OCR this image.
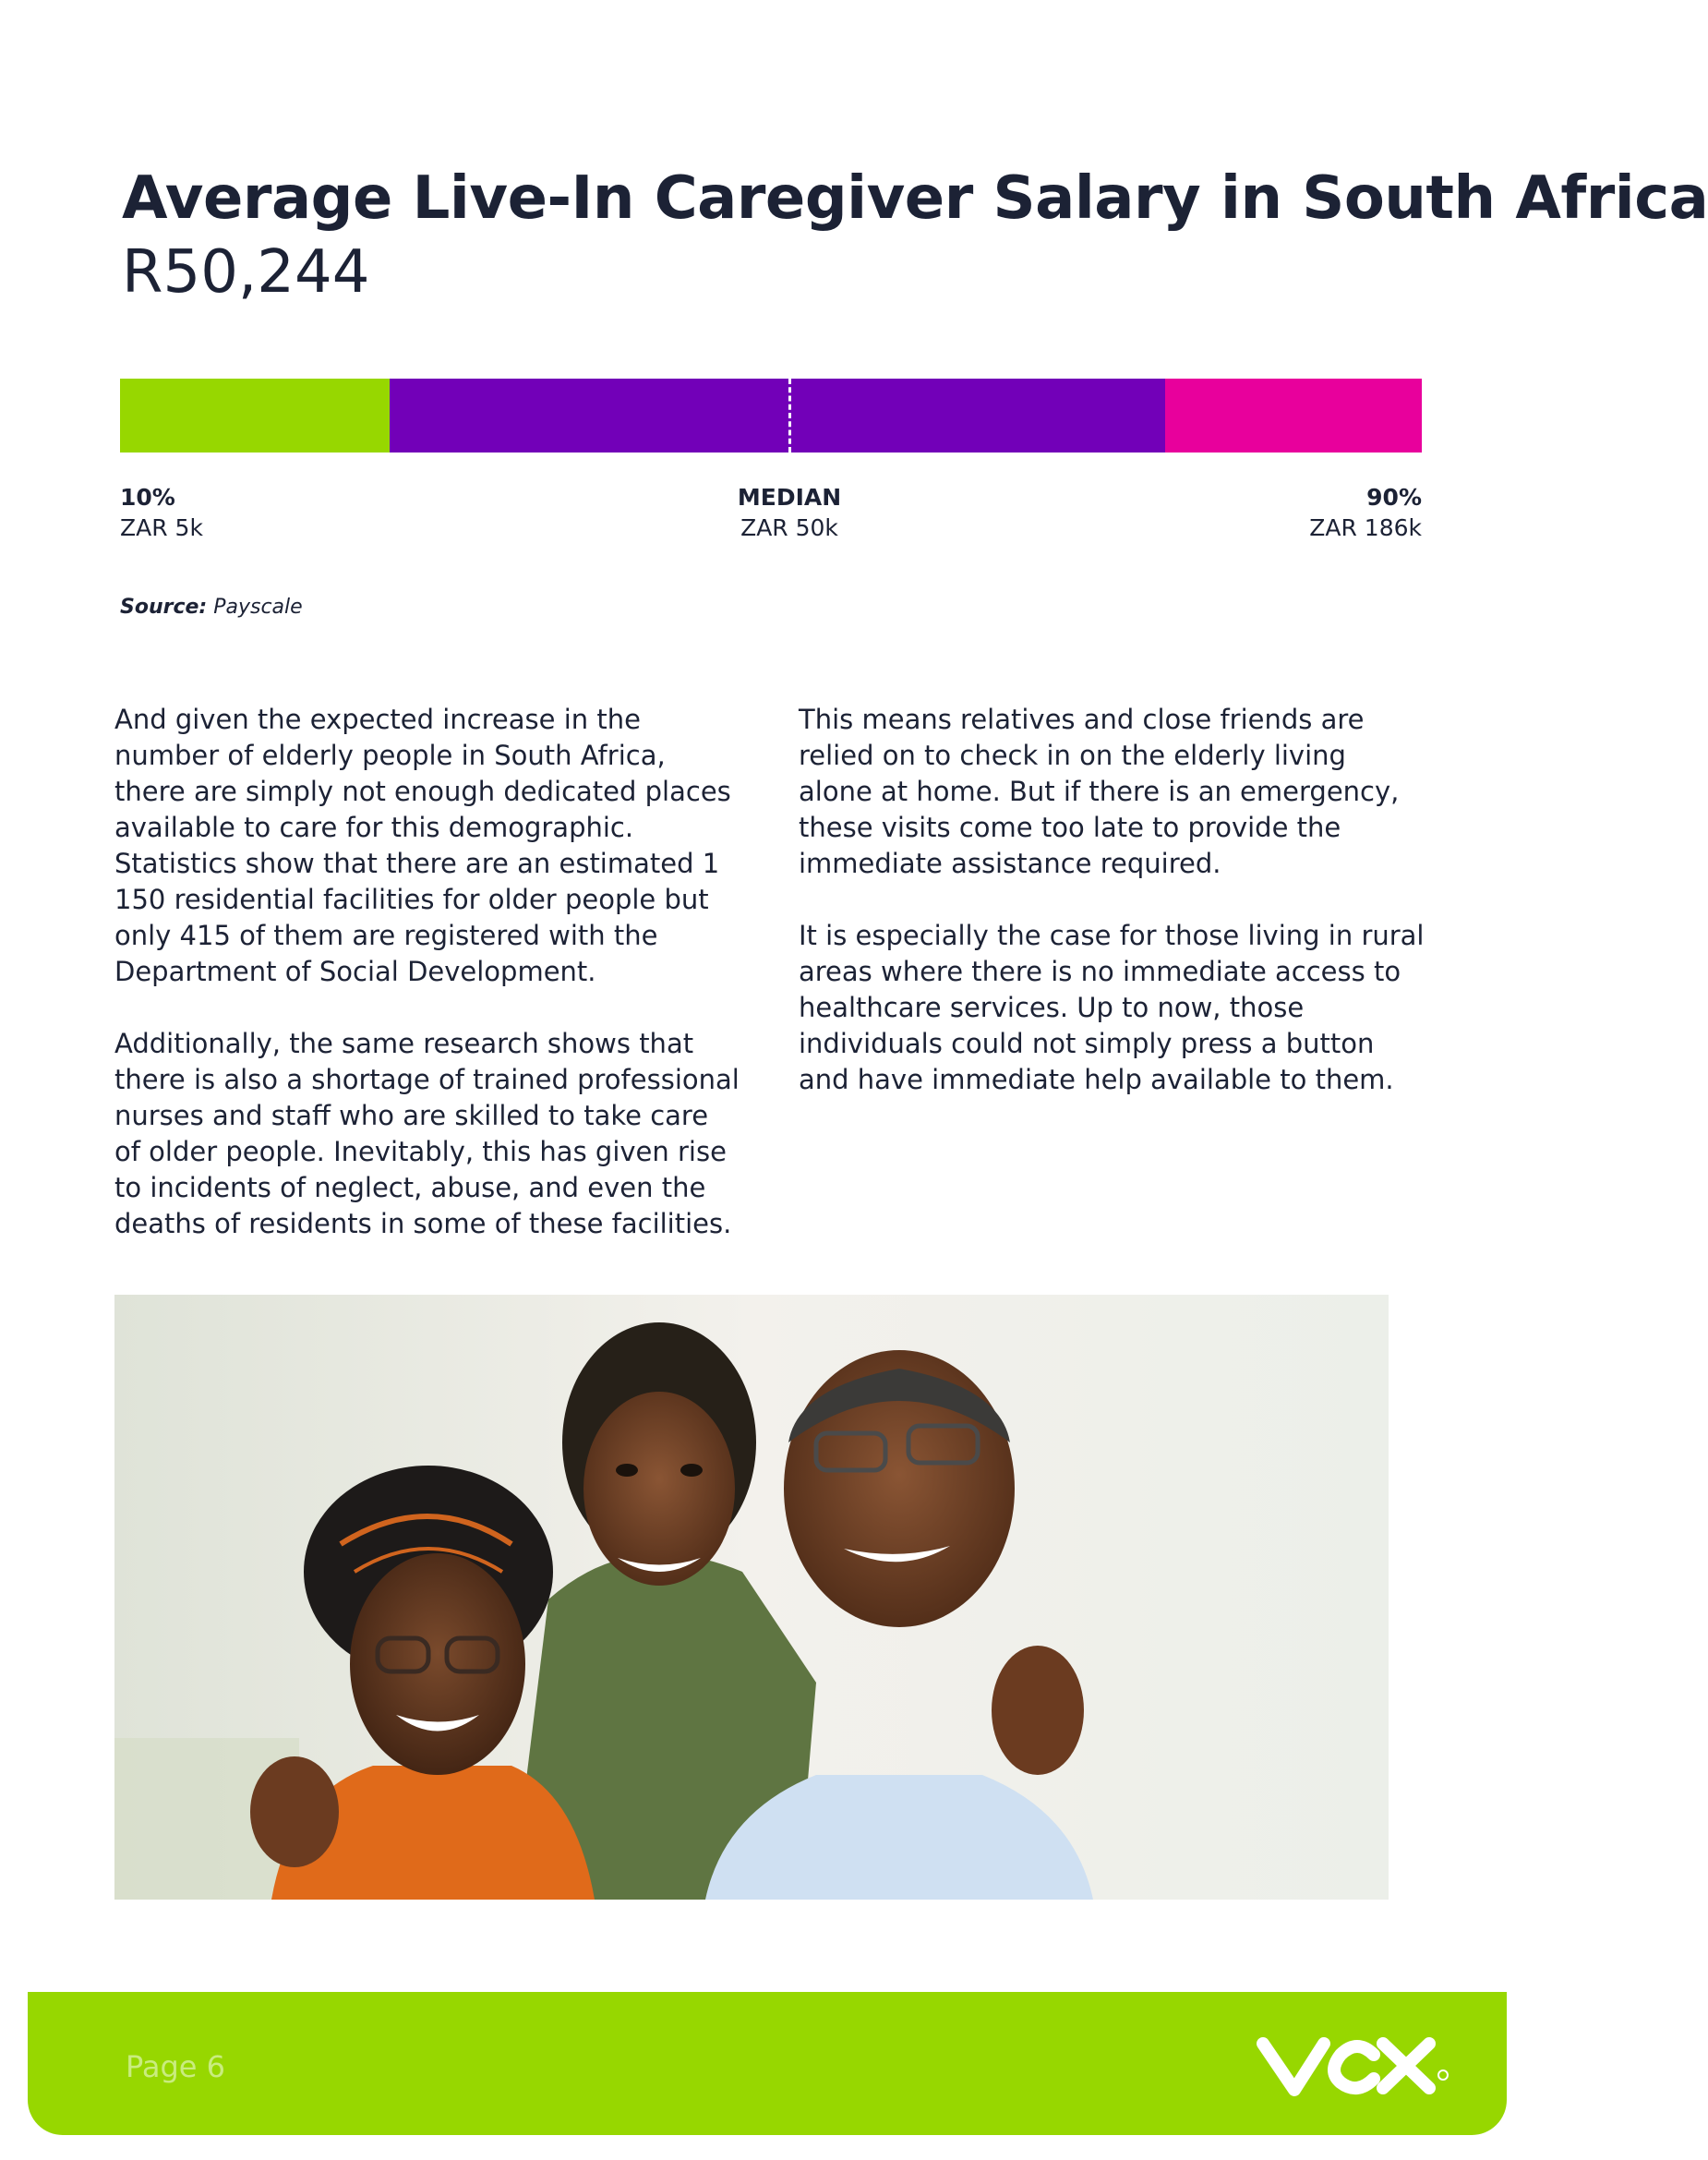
Average Live-In Caregiver Salary in South Africa
R50,244
10%
ZAR 5k
MEDIAN
ZAR 50k
90%
ZAR 186k
Source: Payscale

And given the expected increase in the number of elderly people in South Africa, there are simply not enough dedicated places available to care for this demographic. Statistics show that there are an estimated 1 150 residential facilities for older people but only 415 of them are registered with the Department of Social Development.

Additionally, the same research shows that there is also a shortage of trained professional nurses and staff who are skilled to take care of older people. Inevitably, this has given rise to incidents of neglect, abuse, and even the deaths of residents in some of these facilities.

This means relatives and close friends are relied on to check in on the elderly living alone at home. But if there is an emergency, these visits come too late to provide the immediate assistance required.

It is especially the case for those living in rural areas where there is no immediate access to healthcare services. Up to now, those individuals could not simply press a button and have immediate help available to them.

Page 6
